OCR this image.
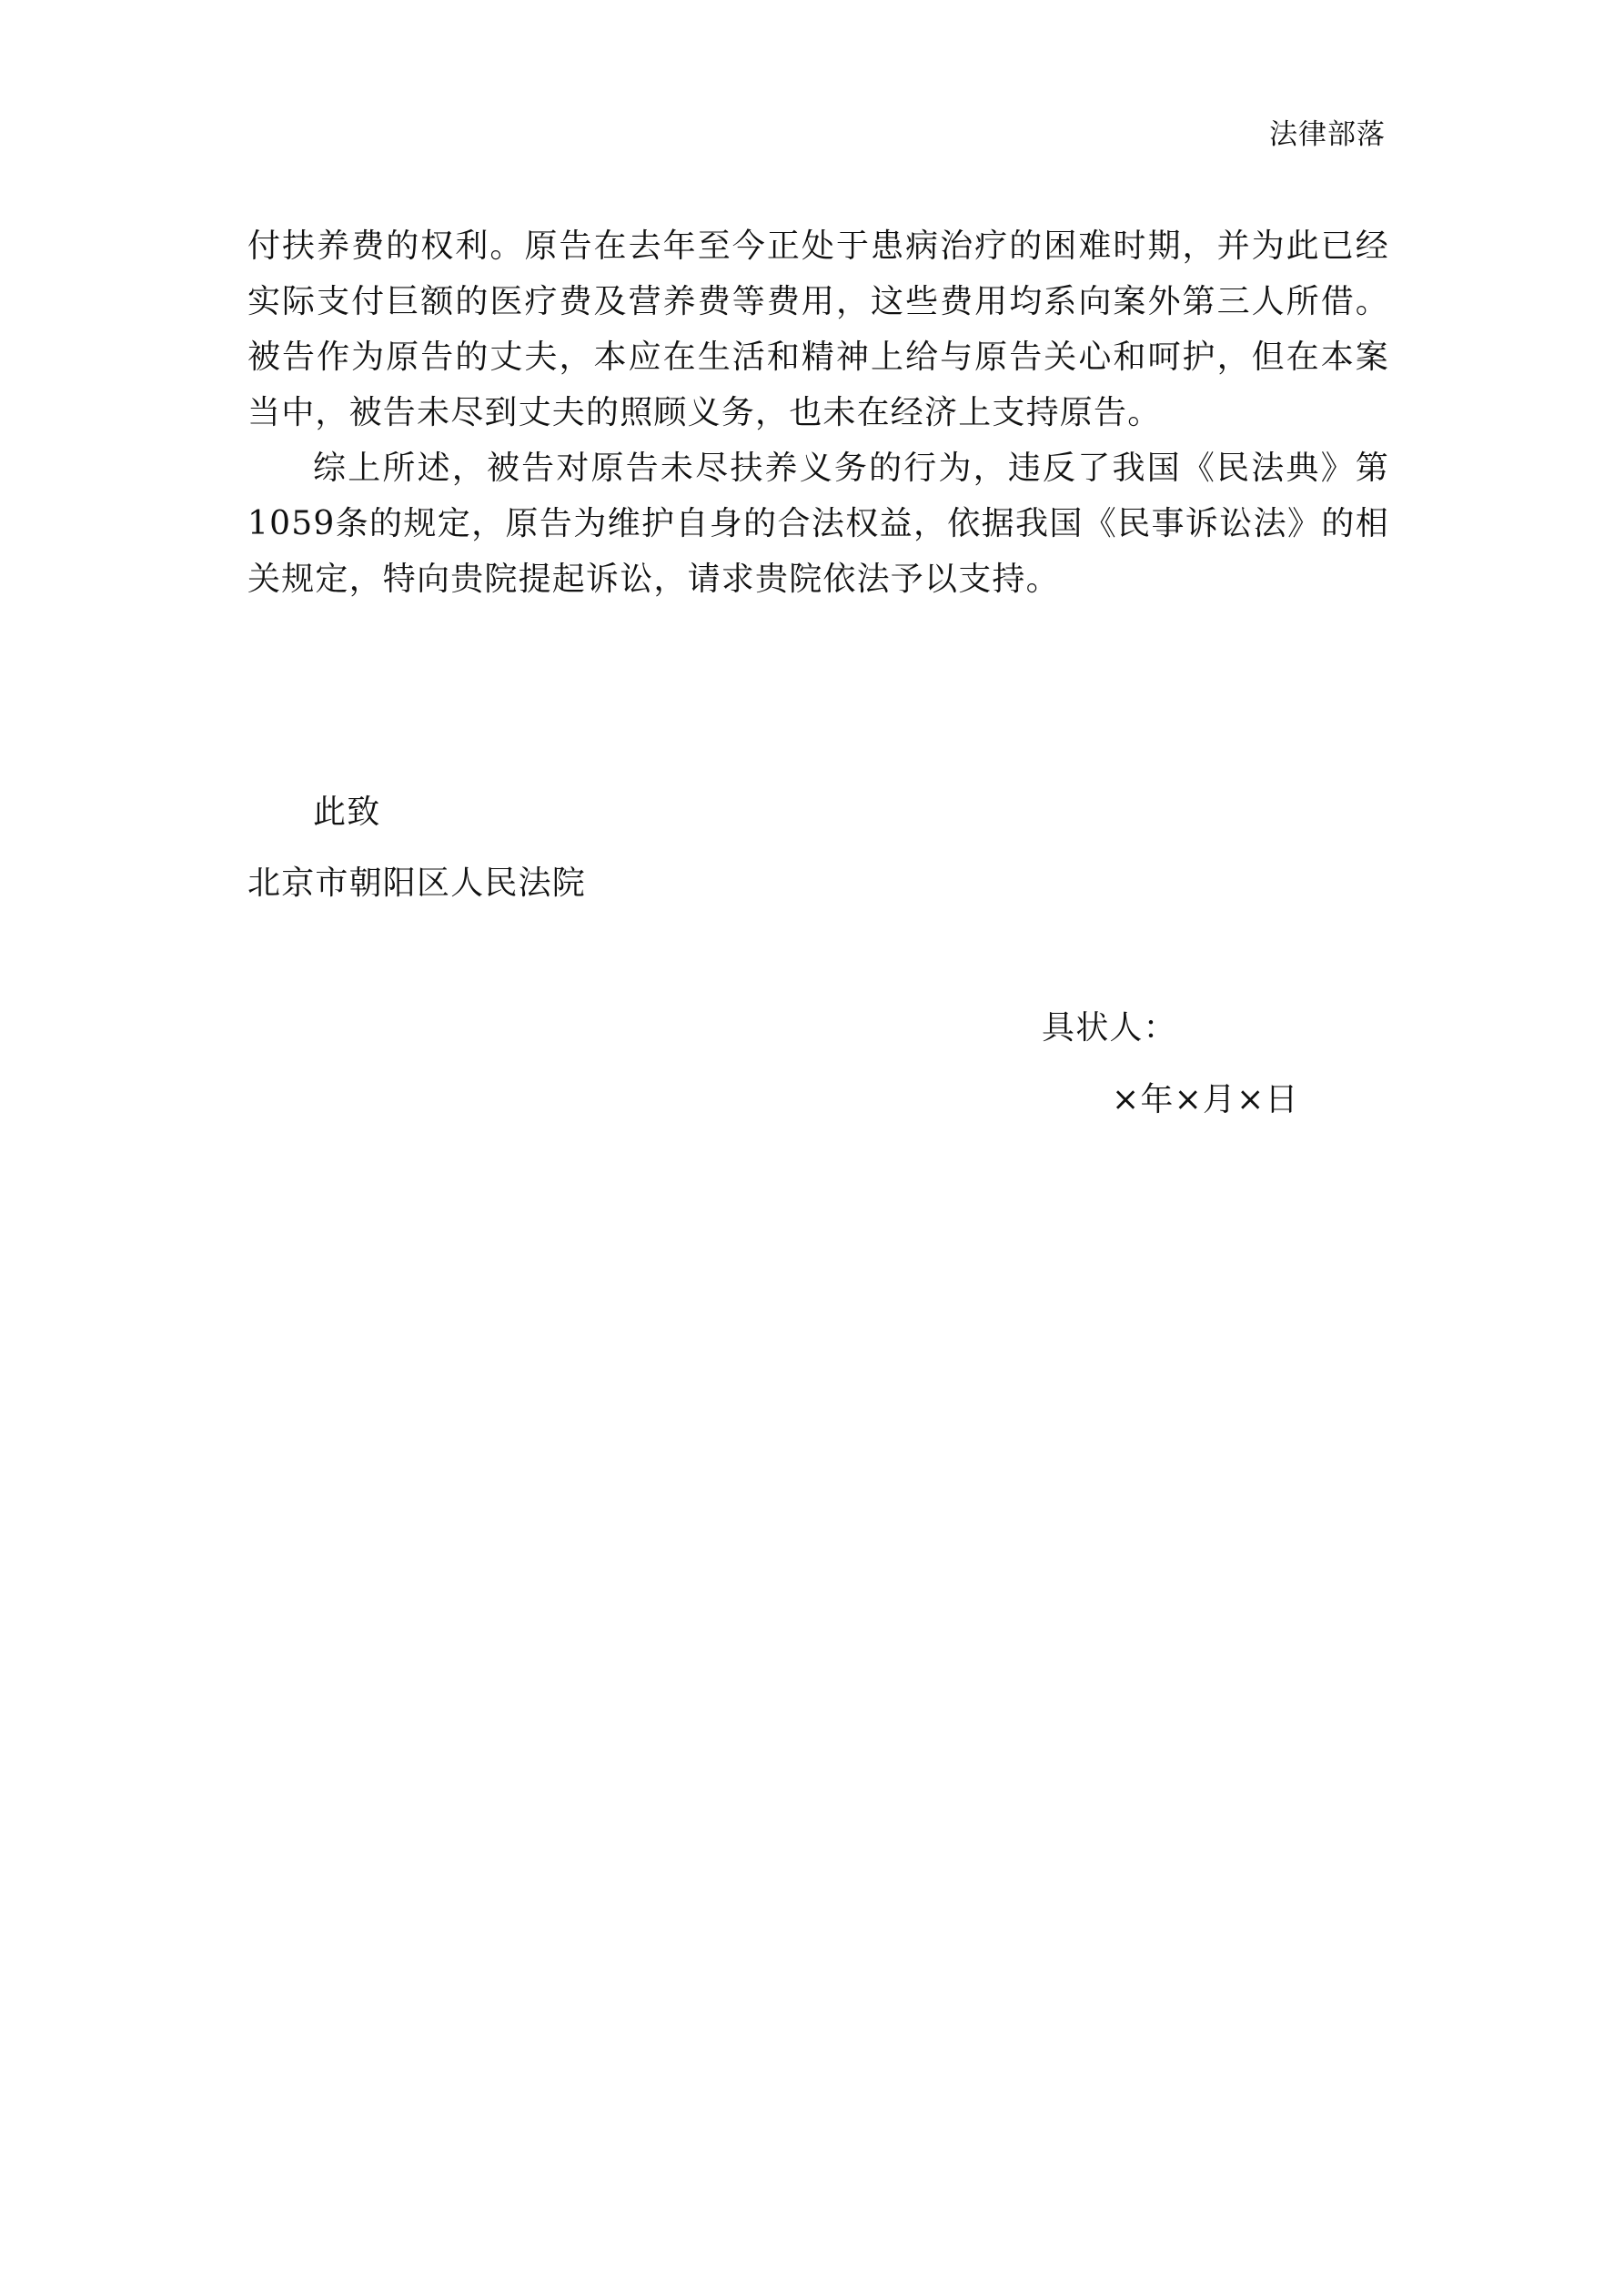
法律部落

付扶养费的权利。原告在去年至今正处于患病治疗的困难时期，并为此已经实际支付巨额的医疗费及营养费等费用，这些费用均系向案外第三人所借。被告作为原告的丈夫，本应在生活和精神上给与原告关心和呵护，但在本案当中，被告未尽到丈夫的照顾义务，也未在经济上支持原告。

综上所述，被告对原告未尽扶养义务的行为，违反了我国《民法典》第1059条的规定，原告为维护自身的合法权益，依据我国《民事诉讼法》的相关规定，特向贵院提起诉讼，请求贵院依法予以支持。

此致
北京市朝阳区人民法院
具状人：
×年×月×日
